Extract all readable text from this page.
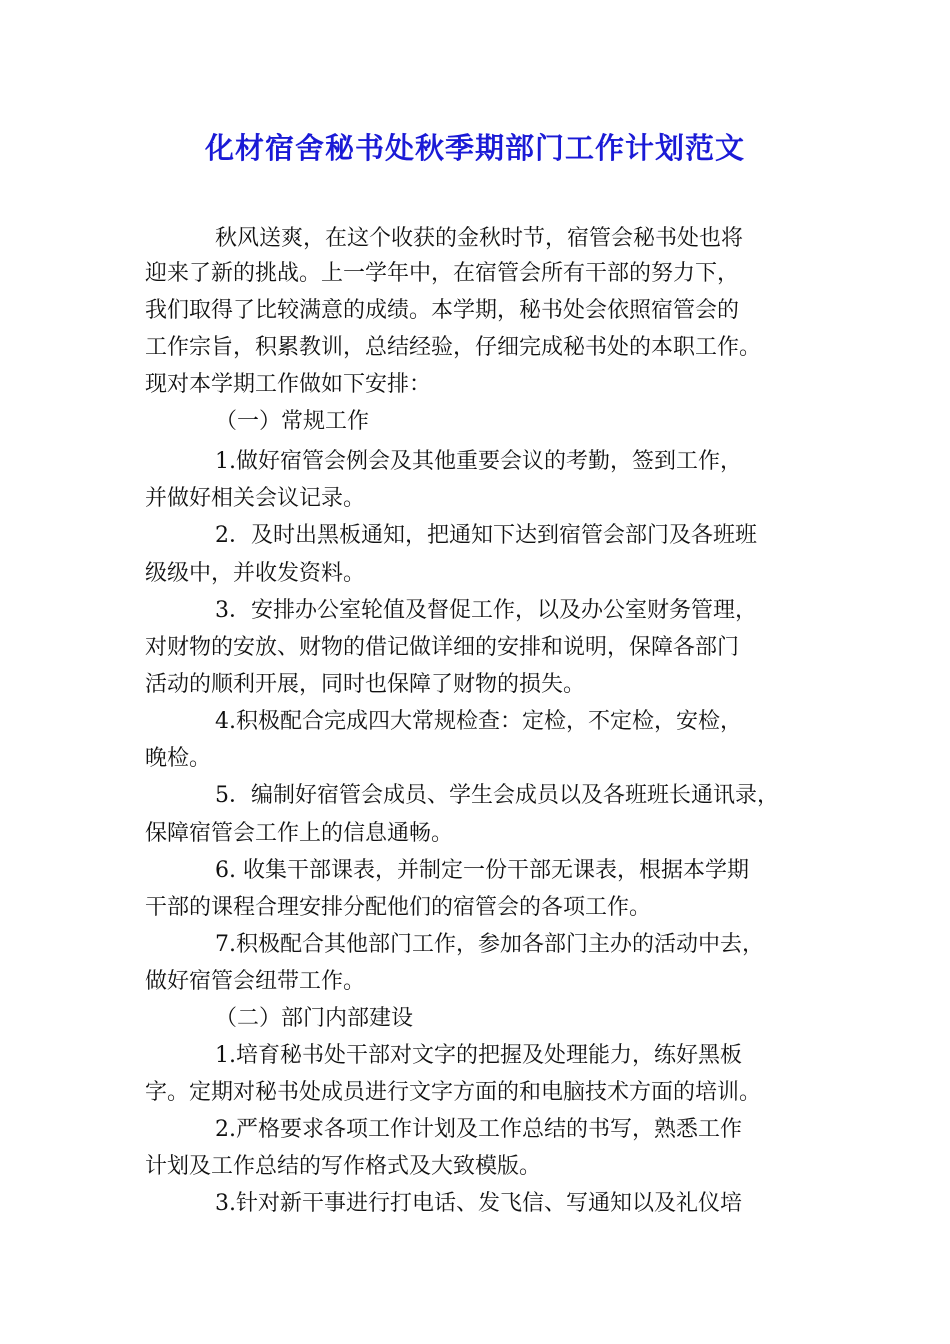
化材宿舍秘书处秋季期部门工作计划范文
秋风送爽，在这个收获的金秋时节，宿管会秘书处也将
迎来了新的挑战。上一学年中，在宿管会所有干部的努力下，
我们取得了比较满意的成绩。本学期，秘书处会依照宿管会的
工作宗旨，积累教训，总结经验，仔细完成秘书处的本职工作。
现对本学期工作做如下安排：
（一）常规工作
1.做好宿管会例会及其他重要会议的考勤，签到工作，
并做好相关会议记录。
2．及时出黑板通知，把通知下达到宿管会部门及各班班
级级中，并收发资料。
3．安排办公室轮值及督促工作，以及办公室财务管理，
对财物的安放、财物的借记做详细的安排和说明，保障各部门
活动的顺利开展，同时也保障了财物的损失。
4.积极配合完成四大常规检查：定检，不定检，安检，
晚检。
5．编制好宿管会成员、学生会成员以及各班班长通讯录，
保障宿管会工作上的信息通畅。
6. 收集干部课表，并制定一份干部无课表，根据本学期
干部的课程合理安排分配他们的宿管会的各项工作。
7.积极配合其他部门工作，参加各部门主办的活动中去，
做好宿管会纽带工作。
（二）部门内部建设
1.培育秘书处干部对文字的把握及处理能力，练好黑板
字。定期对秘书处成员进行文字方面的和电脑技术方面的培训。
2.严格要求各项工作计划及工作总结的书写，熟悉工作
计划及工作总结的写作格式及大致模版。
3.针对新干事进行打电话、发飞信、写通知以及礼仪培
